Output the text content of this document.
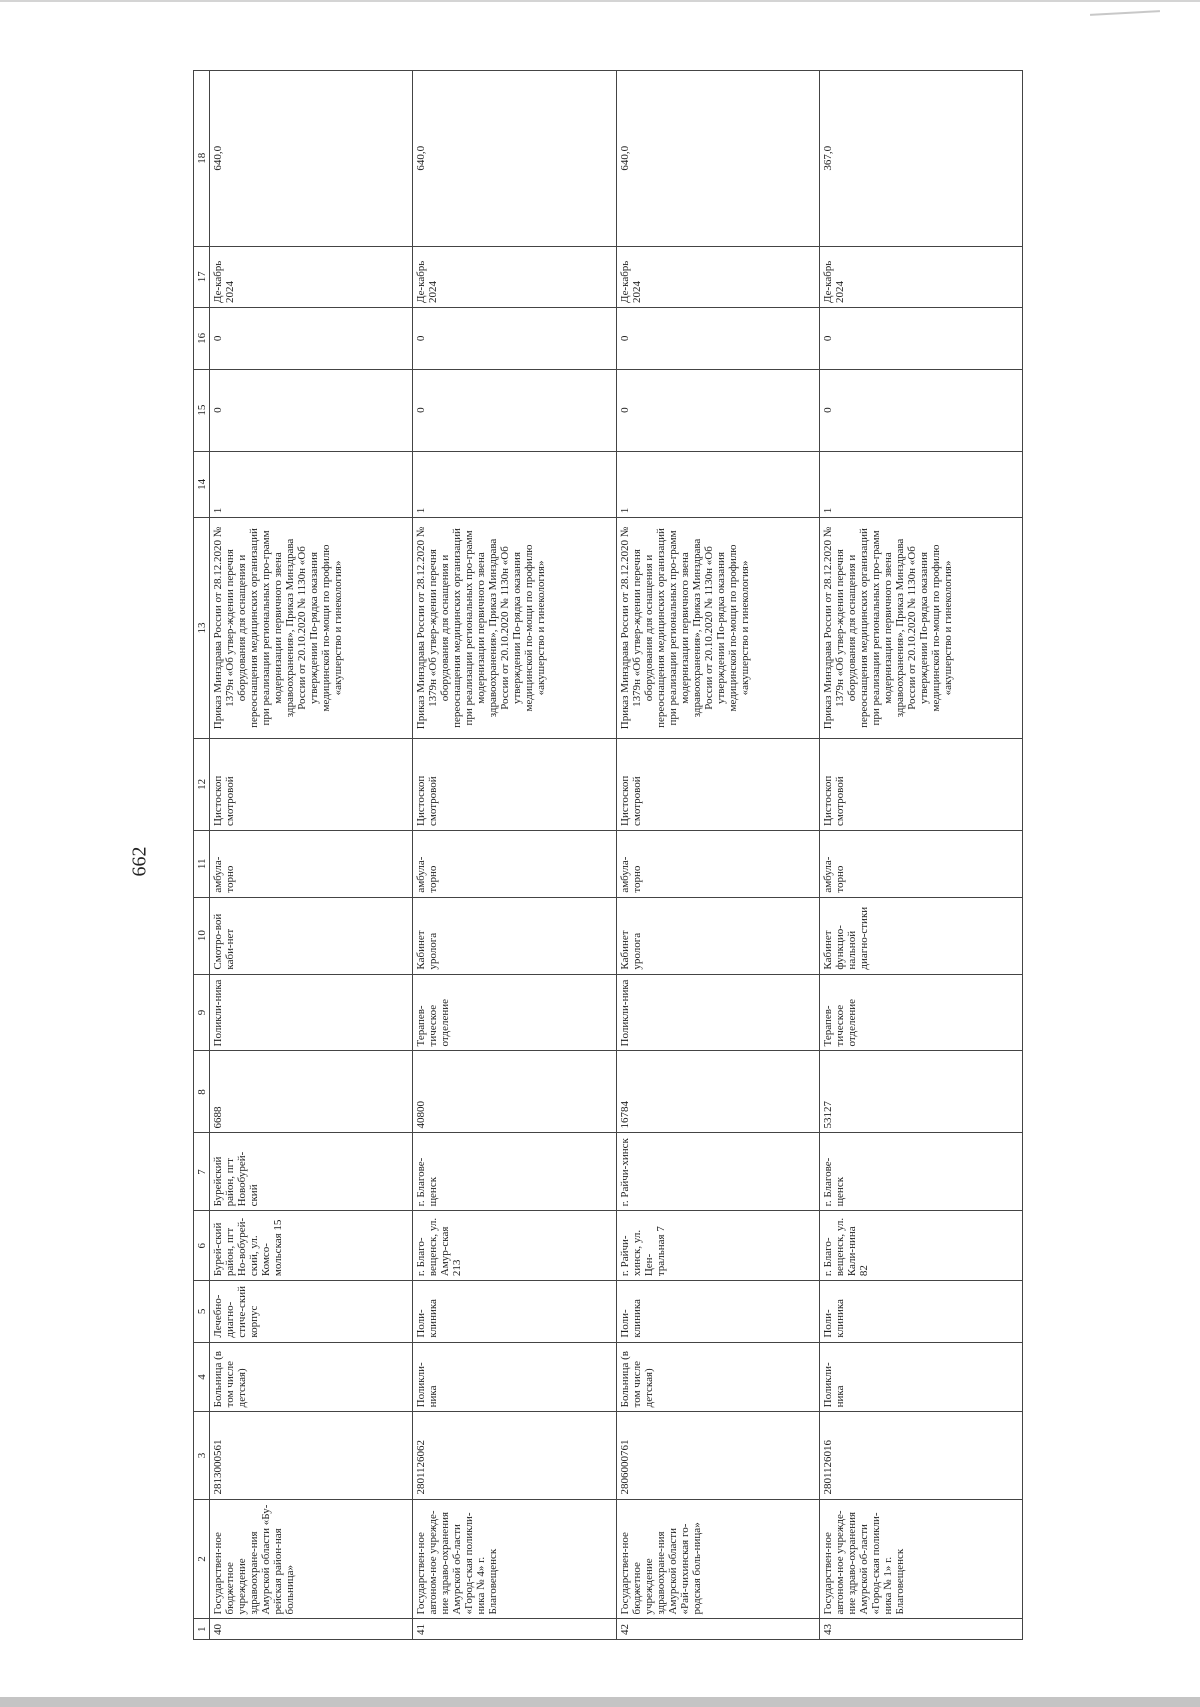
662
1	2	3	4	5	6	7	8	9	10	11	12	13	14	15	16	17	18
40	Государствен-ное бюджетное учреждение здравоохране-ния Амурской области «Бу-рейская район-ная больница»	2813000561	Больница (в том числе детская)	Лечебно-диагно-стиче-ский корпус	Бурей-ский район, пгт Но-вобурей-ский, ул. Комсо-мольская 15	Бурейский район, пгт Новобурей-ский	6688	Поликли-ника	Смотро-вой каби-нет	амбула-торно	Цистоскоп смотровой	Приказ Минздрава России от 28.12.2020 № 1379н «Об утвер-ждении перечня оборудования для оснащения и переоснащения медицинских организаций при реализации региональных про-грамм модернизации первичного звена здравоохранения», Приказ Минздрава России от 20.10.2020 № 1130н «Об утверждении По-рядка оказания медицинской по-мощи по профилю «акушерство и гинекология»	1	0	0	Де-кабрь 2024	640,0
41	Государствен-ное автоном-ное учрежде-ние здраво-охранения Амурской об-ласти «Город-ская поликли-ника № 4» г. Благовещенск	2801126062	Поликли-ника	Поли-клиника	г. Благо-вещенск, ул. Амур-ская 213	г. Благове-щенск	40800	Терапев-тическое отделение	Кабинет уролога	амбула-торно	Цистоскоп смотровой	Приказ Минздрава России от 28.12.2020 № 1379н «Об утвер-ждении перечня оборудования для оснащения и переоснащения медицинских организаций при реализации региональных про-грамм модернизации первичного звена здравоохранения», Приказ Минздрава России от 20.10.2020 № 1130н «Об утверждении По-рядка оказания медицинской по-мощи по профилю «акушерство и гинекология»	1	0	0	Де-кабрь 2024	640,0
42	Государствен-ное бюджетное учреждение здравоохране-ния Амурской области «Рай-чихинская го-родская боль-ница»	2806000761	Больница (в том числе детская)	Поли-клиника	г. Райчи-хинск, ул. Цен-тральная 7	г. Райчи-хинск	16784	Поликли-ника	Кабинет уролога	амбула-торно	Цистоскоп смотровой	Приказ Минздрава России от 28.12.2020 № 1379н «Об утвер-ждении перечня оборудования для оснащения и переоснащения медицинских организаций при реализации региональных про-грамм модернизации первичного звена здравоохранения», Приказ Минздрава России от 20.10.2020 № 1130н «Об утверждении По-рядка оказания медицинской по-мощи по профилю «акушерство и гинекология»	1	0	0	Де-кабрь 2024	640,0
43	Государствен-ное автоном-ное учрежде-ние здраво-охранения Амурской об-ласти «Город-ская поликли-ника № 1» г. Благовещенск	2801126016	Поликли-ника	Поли-клиника	г. Благо-вещенск, ул. Кали-нина 82	г. Благове-щенск	53127	Терапев-тическое отделение	Кабинет функцио-нальной диагно-стики	амбула-торно	Цистоскоп смотровой	Приказ Минздрава России от 28.12.2020 № 1379н «Об утвер-ждении перечня оборудования для оснащения и переоснащения медицинских организаций при реализации региональных про-грамм модернизации первичного звена здравоохранения», Приказ Минздрава России от 20.10.2020 № 1130н «Об утверждении По-рядка оказания медицинской по-мощи по профилю «акушерство и гинекология»	1	0	0	Де-кабрь 2024	367,0
